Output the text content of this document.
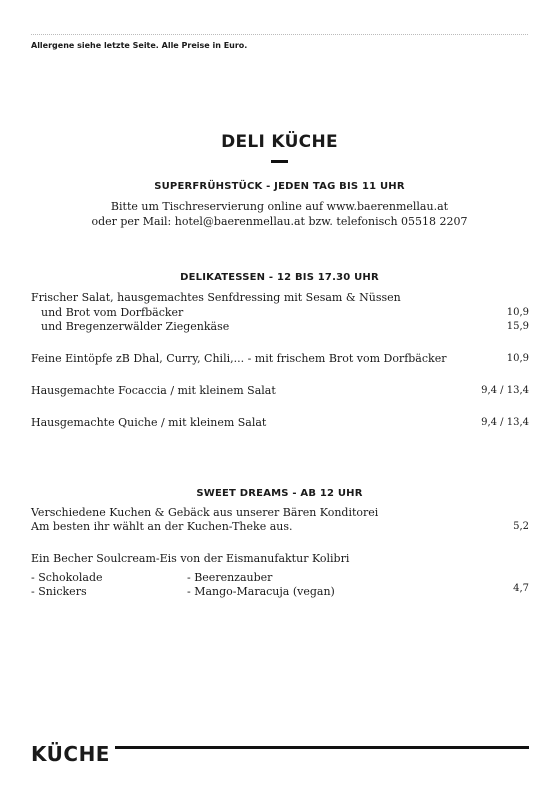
Allergene siehe letzte Seite. Alle Preise in Euro.
DELI KÜCHE
SUPERFRÜHSTÜCK - JEDEN TAG BIS 11 UHR
Bitte um Tischreservierung online auf www.baerenmellau.at
oder per Mail: hotel@baerenmellau.at bzw. telefonisch 05518 2207
DELIKATESSEN - 12 BIS 17.30 UHR
Frischer Salat, hausgemachtes Senfdressing mit Sesam & Nüssen
und Brot vom Dorfbäcker	10,9
und Bregenzerwälder Ziegenkäse	15,9
Feine Eintöpfe zB Dhal, Curry, Chili,... - mit frischem Brot vom Dorfbäcker	10,9
Hausgemachte Focaccia / mit kleinem Salat	9,4 / 13,4
Hausgemachte Quiche / mit kleinem Salat	9,4 / 13,4
SWEET DREAMS - AB 12 UHR
Verschiedene Kuchen & Gebäck aus unserer Bären Konditorei
Am besten ihr wählt an der Kuchen-Theke aus.	5,2
Ein Becher Soulcream-Eis von der Eismanufaktur Kolibri
- Schokolade
- Snickers
- Beerenzauber
- Mango-Maracuja (vegan)	4,7
KÜCHE
